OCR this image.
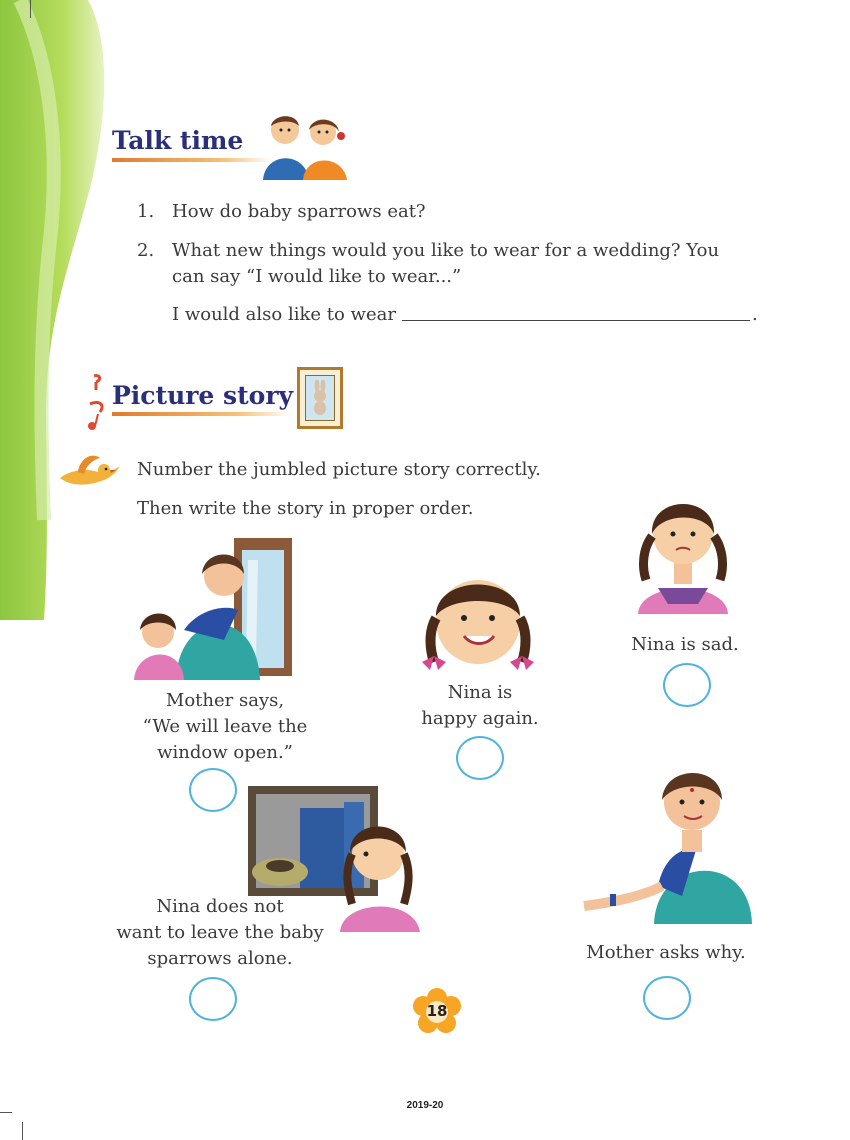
Talk time
1. How do baby sparrows eat?
2. What new things would you like to wear for a wedding? You
can say “I would like to wear...”
I would also like to wear	.
Picture story
Number the jumbled picture story correctly.
Then write the story in proper order.
Mother says,
“We will leave the
window open.”
Nina is
happy again.
Nina is sad.
Nina does not
want to leave the baby
sparrows alone.	Mother asks why.
18
2019-20
